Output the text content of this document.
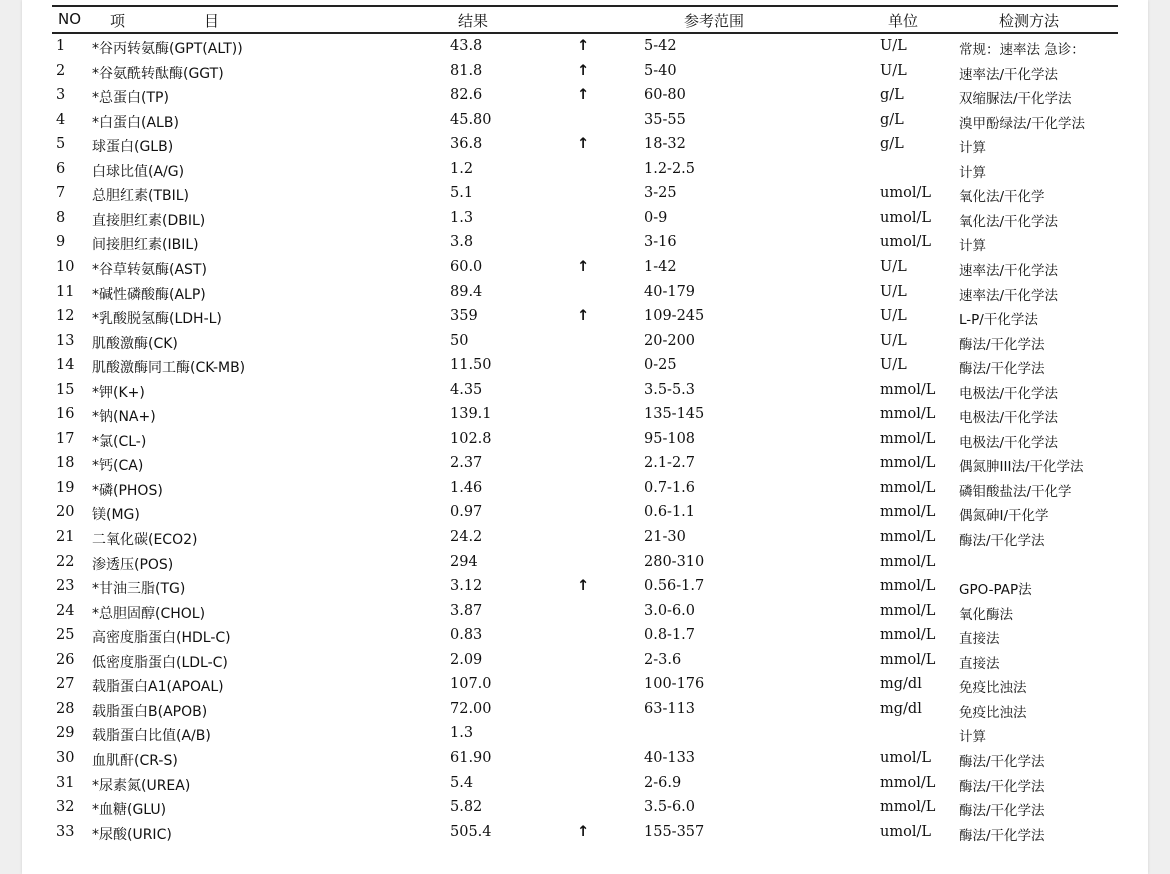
NO 项	目	结果	参考范围	单位	检测方法
1 *谷丙转氨酶(GPT(ALT))	43.8	↑	5-42	U/L	常规：速率法 急诊：
2 *谷氨酰转酞酶(GGT)	81.8	↑	5-40	U/L	速率法/干化学法
3 *总蛋白(TP)	82.6	↑	60-80	g/L	双缩脲法/干化学法
4 *白蛋白(ALB)	45.80	35-55	g/L	溴甲酚绿法/干化学法
5 球蛋白(GLB)	36.8	↑	18-32	g/L	计算
6 白球比值(A/G)	1.2	1.2-2.5	计算
7 总胆红素(TBIL)	5.1	3-25	umol/L 氧化法/干化学
8 直接胆红素(DBIL)	1.3	0-9	umol/L 氧化法/干化学法
9 间接胆红素(IBIL)	3.8	3-16	umol/L 计算
10 *谷草转氨酶(AST)	60.0	↑	1-42	U/L	速率法/干化学法
11 *碱性磷酸酶(ALP)	89.4	40-179	U/L	速率法/干化学法
12 *乳酸脱氢酶(LDH-L)	359	↑	109-245	U/L	L-P/干化学法
13 肌酸激酶(CK)	50	20-200	U/L	酶法/干化学法
14 肌酸激酶同工酶(CK-MB)	11.50	0-25	U/L	酶法/干化学法
15 *钾(K+)	4.35	3.5-5.3	mmol/L 电极法/干化学法
16 *钠(NA+)	139.1	135-145	mmol/L 电极法/干化学法
17 *氯(CL-)	102.8	95-108	mmol/L 电极法/干化学法
18 *钙(CA)	2.37	2.1-2.7	mmol/L 偶氮胂III法/干化学法
19 *磷(PHOS)	1.46	0.7-1.6	mmol/L 磷钼酸盐法/干化学
20 镁(MG)	0.97	0.6-1.1	mmol/L 偶氮砷I/干化学
21 二氧化碳(ECO2)	24.2	21-30	mmol/L 酶法/干化学法
22 渗透压(POS)	294	280-310	mmol/L
23 *甘油三脂(TG)	3.12	↑	0.56-1.7	mmol/L GPO-PAP法
24 *总胆固醇(CHOL)	3.87	3.0-6.0	mmol/L 氧化酶法
25 高密度脂蛋白(HDL-C)	0.83	0.8-1.7	mmol/L 直接法
26 低密度脂蛋白(LDL-C)	2.09	2-3.6	mmol/L 直接法
27 载脂蛋白A1(APOAL)	107.0	100-176	mg/dl	免疫比浊法
28 载脂蛋白B(APOB)	72.00	63-113	mg/dl	免疫比浊法
29 载脂蛋白比值(A/B)	1.3	计算
30 血肌酐(CR-S)	61.90	40-133	umol/L 酶法/干化学法
31 *尿素氮(UREA)	5.4	2-6.9	mmol/L 酶法/干化学法
32 *血糖(GLU)	5.82	3.5-6.0	mmol/L 酶法/干化学法
33 *尿酸(URIC)	505.4	↑	155-357	umol/L 酶法/干化学法
